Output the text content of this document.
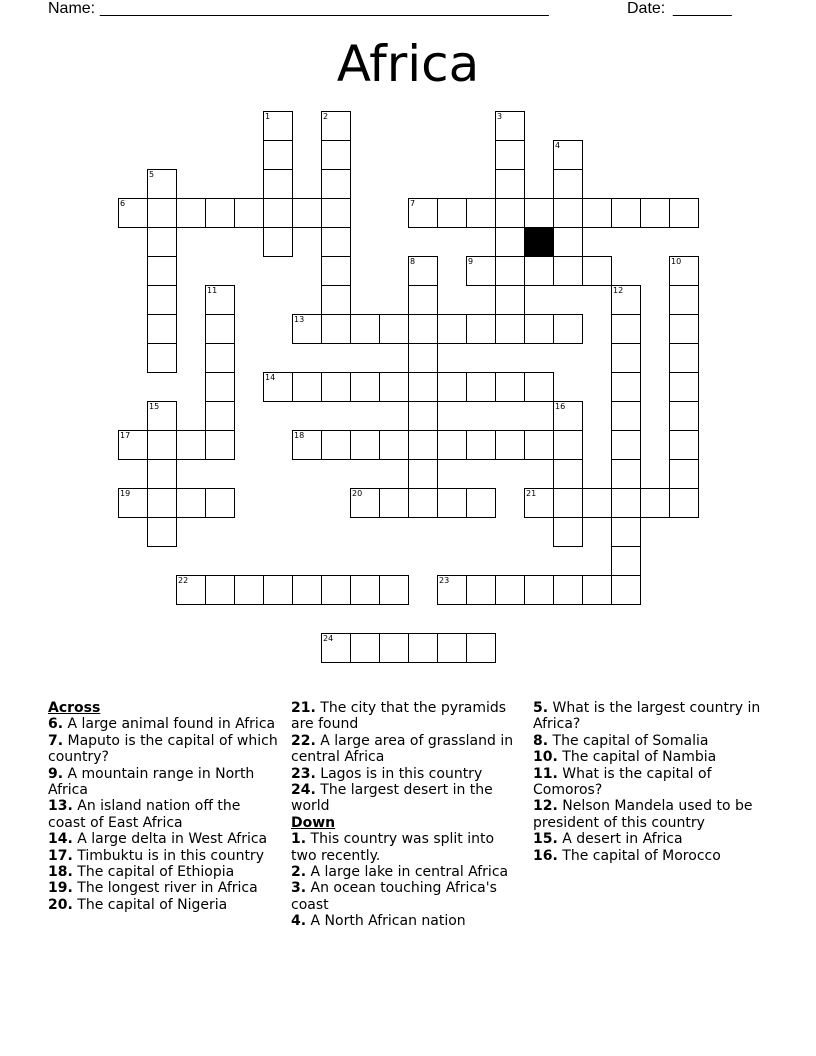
Name: ______________________________________________________	Date: _______
Africa
6	7
9
13
14
17	18
19	20	21
22	23
24
1	2	3
4
5
8	10
11	12
15	16

Across

6. A large animal found in Africa

7. Maputo is the capital of which country?

9. A mountain range in North Africa

13. An island nation off the coast of East Africa

14. A large delta in West Africa

17. Timbuktu is in this country

18. The capital of Ethiopia

19. The longest river in Africa

20. The capital of Nigeria

21. The city that the pyramids are found

22. A large area of grassland in central Africa

23. Lagos is in this country

24. The largest desert in the world

Down

1. This country was split into two recently.

2. A large lake in central Africa

3. An ocean touching Africa's coast

4. A North African nation

5. What is the largest country in Africa?

8. The capital of Somalia

10. The capital of Nambia

11. What is the capital of Comoros?

12. Nelson Mandela used to be president of this country

15. A desert in Africa

16. The capital of Morocco
